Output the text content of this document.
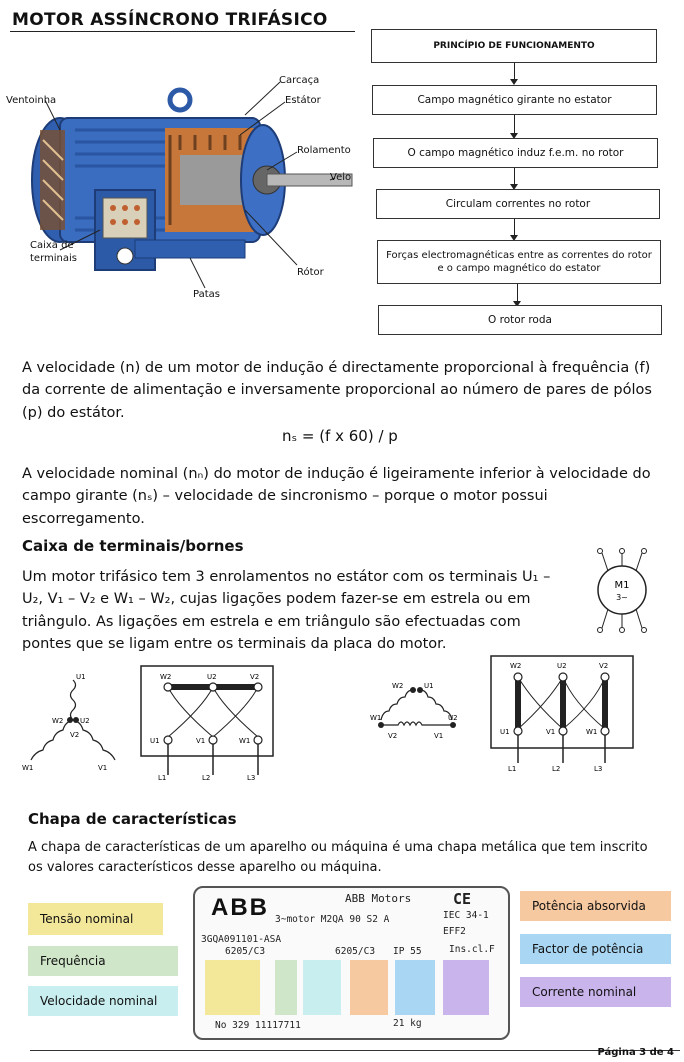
MOTOR ASSÍNCRONO TRIFÁSICO
Carcaça
Estátor
Ventoinha
Rolamento
Veio
Caixa de
terminais
Rótor
Patas
PRINCÍPIO DE FUNCIONAMENTO
Campo magnético girante no estator
O campo magnético induz f.e.m. no rotor
Circulam correntes no rotor
Forças electromagnéticas entre as correntes do rotor e o campo magnético do estator
O rotor roda
A velocidade (n) de um motor de indução é directamente proporcional à frequência (f) da corrente de alimentação e inversamente proporcional ao número de pares de pólos (p) do estátor.
nₛ = (f x 60) / p
A velocidade nominal (nₙ) do motor de indução é ligeiramente inferior à velocidade do campo girante (nₛ) – velocidade de sincronismo – porque o motor possui escorregamento.
Caixa de terminais/bornes
Um motor trifásico tem 3 enrolamentos no estátor com os terminais U₁ – U₂, V₁ – V₂ e W₁ – W₂, cujas ligações podem fazer-se em estrela ou em triângulo. As ligações em estrela e em triângulo são efectuadas com pontes que se ligam entre os terminais da placa do motor.
M1
3~
U1
W2 U2
V2
W1	V1
W2	U2	V2
U1	V1	W1
L1	L2	L3
W2	U1
W1	U2
V2	V1
W2	U2	V2
U1	V1	W1
L1	L2	L3
Chapa de características
A chapa de características de um aparelho ou máquina é uma chapa metálica que tem inscrito os valores característicos desse aparelho ou máquina.
Tensão nominal
Frequência
Velocidade nominal
Potência absorvida
Factor de potência
Corrente nominal
ABB	ABB Motors	CE
3~motor M2QA 90 S2 A	IEC 34-1
3GQA091101-ASA
EFF2
6205/C3	6205/C3 IP 55	Ins.cl.F
No 329 11117711	21 kg
Página 3 de 4
